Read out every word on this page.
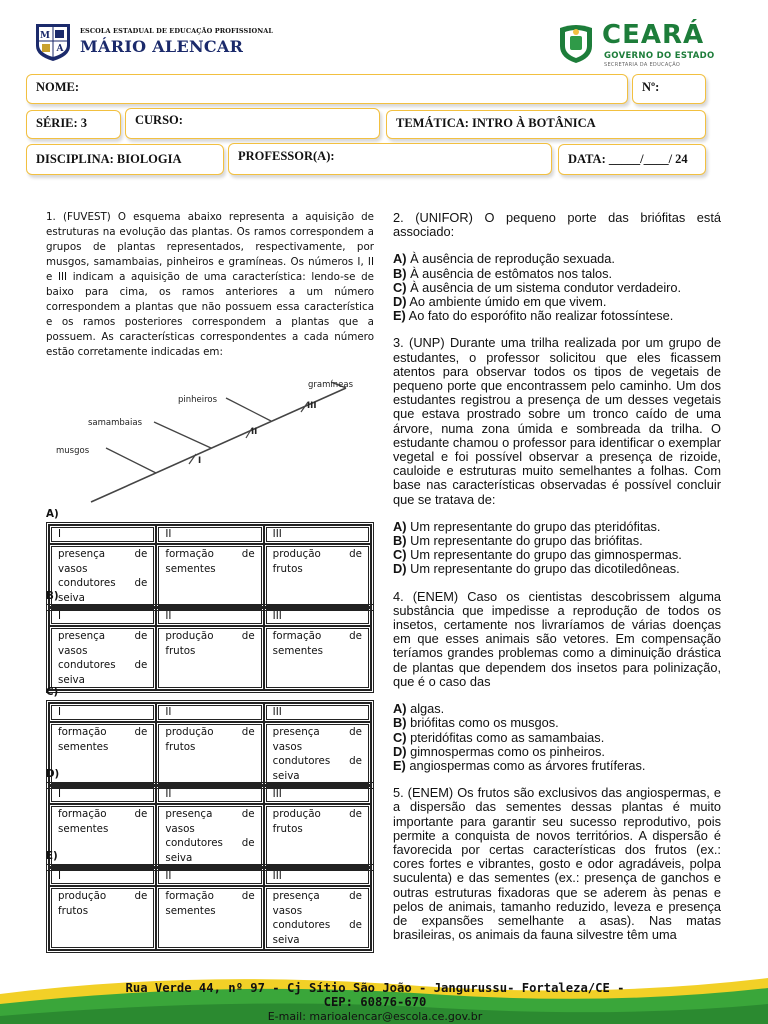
M
A
ESCOLA ESTADUAL DE EDUCAÇÃO PROFISSIONAL
MÁRIO ALENCAR	CEARÁ
GOVERNO DO ESTADO
SECRETARIA DA EDUCAÇÃO
NOME:	Nº:
SÉRIE: 3	CURSO:	TEMÁTICA: INTRO À BOTÂNICA
DISCIPLINA: BIOLOGIA	PROFESSOR(A):	DATA: _____/____/ 24
1. (FUVEST) O esquema abaixo representa a aquisição de estruturas na evolução das plantas. Os ramos correspondem a grupos de plantas representados, respectivamente, por musgos, samambaias, pinheiros e gramíneas. Os números I, II e III indicam a aquisição de uma característica: lendo-se de baixo para cima, os ramos anteriores a um número correspondem a plantas que não possuem essa característica e os ramos posteriores correspondem a plantas que a possuem. As características correspondentes a cada número estão corretamente indicadas em:
gramíneas
pinheiros
samambaias
musgos
III
II
I
A)
I	II	III
presença de vasos condutores de seiva	formação de sementes	produção de frutos
B)
I	II	III
presença de vasos condutores de seiva	produção de frutos	formação de sementes
C)
I	II	III
formação de sementes	produção de frutos	presença de vasos condutores de seiva
D)
I	II	III
formação de sementes	presença de vasos condutores de seiva	produção de frutos
E)
I	II	III
produção de frutos	formação de sementes	presença de vasos condutores de seiva

2. (UNIFOR) O pequeno porte das briófitas está associado:

A) À ausência de reprodução sexuada.

B) À ausência de estômatos nos talos.

C) À ausência de um sistema condutor verdadeiro.

D) Ao ambiente úmido em que vivem.

E) Ao fato do esporófito não realizar fotossíntese.

3. (UNP) Durante uma trilha realizada por um grupo de estudantes, o professor solicitou que eles ficassem atentos para observar todos os tipos de vegetais de pequeno porte que encontrassem pelo caminho. Um dos estudantes registrou a presença de um desses vegetais que estava prostrado sobre um tronco caído de uma árvore, numa zona úmida e sombreada da trilha. O estudante chamou o professor para identificar o exemplar vegetal e foi possível observar a presença de rizoide, cauloide e estruturas muito semelhantes a folhas. Com base nas características observadas é possível concluir que se tratava de:

A) Um representante do grupo das pteridófitas.

B) Um representante do grupo das briófitas.

C) Um representante do grupo das gimnospermas.

D) Um representante do grupo das dicotiledôneas.

4. (ENEM) Caso os cientistas descobrissem alguma substância que impedisse a reprodução de todos os insetos, certamente nos livraríamos de várias doenças em que esses animais são vetores. Em compensação teríamos grandes problemas como a diminuição drástica de plantas que dependem dos insetos para polinização, que é o caso das

A) algas.

B) briófitas como os musgos.

C) pteridófitas como as samambaias.

D) gimnospermas como os pinheiros.

E) angiospermas como as árvores frutíferas.

5. (ENEM) Os frutos são exclusivos das angiospermas, e a dispersão das sementes dessas plantas é muito importante para garantir seu sucesso reprodutivo, pois permite a conquista de novos territórios. A dispersão é favorecida por certas características dos frutos (ex.: cores fortes e vibrantes, gosto e odor agradáveis, polpa suculenta) e das sementes (ex.: presença de ganchos e outras estruturas fixadoras que se aderem às penas e pelos de animais, tamanho reduzido, leveza e presença de expansões semelhante a asas). Nas matas brasileiras, os animais da fauna silvestre têm uma

Rua Verde 44, nº 97 - Cj Sítio São João - Jangurussu- Fortaleza/CE - CEP: 60876-670
E-mail: marioalencar@escola.ce.gov.br
